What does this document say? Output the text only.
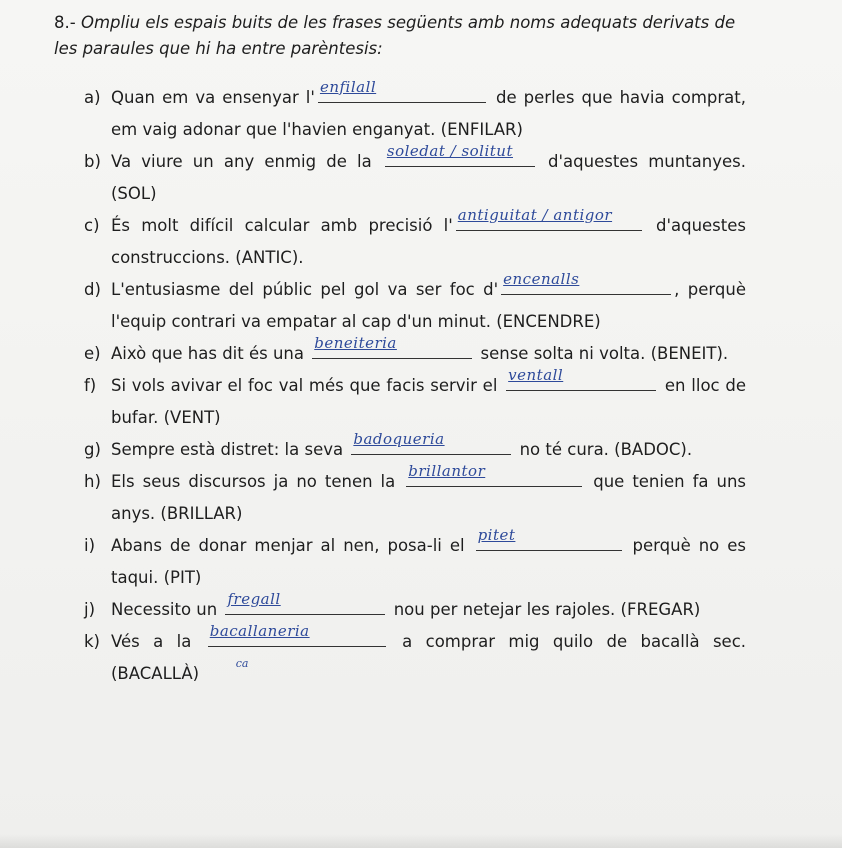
8.- Ompliu els espais buits de les frases següents amb noms adequats derivats de les paraules que hi ha entre parèntesis:
a) Quan em va ensenyar l'
enfilall
de perles que havia comprat, em vaig adonar que l'havien enganyat. (ENFILAR)
b) Va viure un any enmig de la
soledat / solitut
d'aquestes muntanyes. (SOL)
c) És molt difícil calcular amb precisió l'
antiguitat / antigor
d'aquestes construccions. (ANTIC).
d) L'entusiasme del públic pel gol va ser foc d'
encenalls
, perquè l'equip contrari va empatar al cap d'un minut. (ENCENDRE)
e) Això que has dit és una
beneiteria
sense solta ni volta. (BENEIT).
f) Si vols avivar el foc val més que facis servir el
ventall
en lloc de bufar. (VENT)
g) Sempre està distret: la seva
badoqueria
no té cura. (BADOC).
h) Els seus discursos ja no tenen la
brillantor
que tenien fa uns anys. (BRILLAR)
i) Abans de donar menjar al nen, posa-li el
pitet
perquè no es taqui. (PIT)
j) Necessito un
fregall
nou per netejar les rajoles. (FREGAR)
k) Vés a la
bacallaneria
ca
a comprar mig quilo de bacallà sec. (BACALLÀ)
